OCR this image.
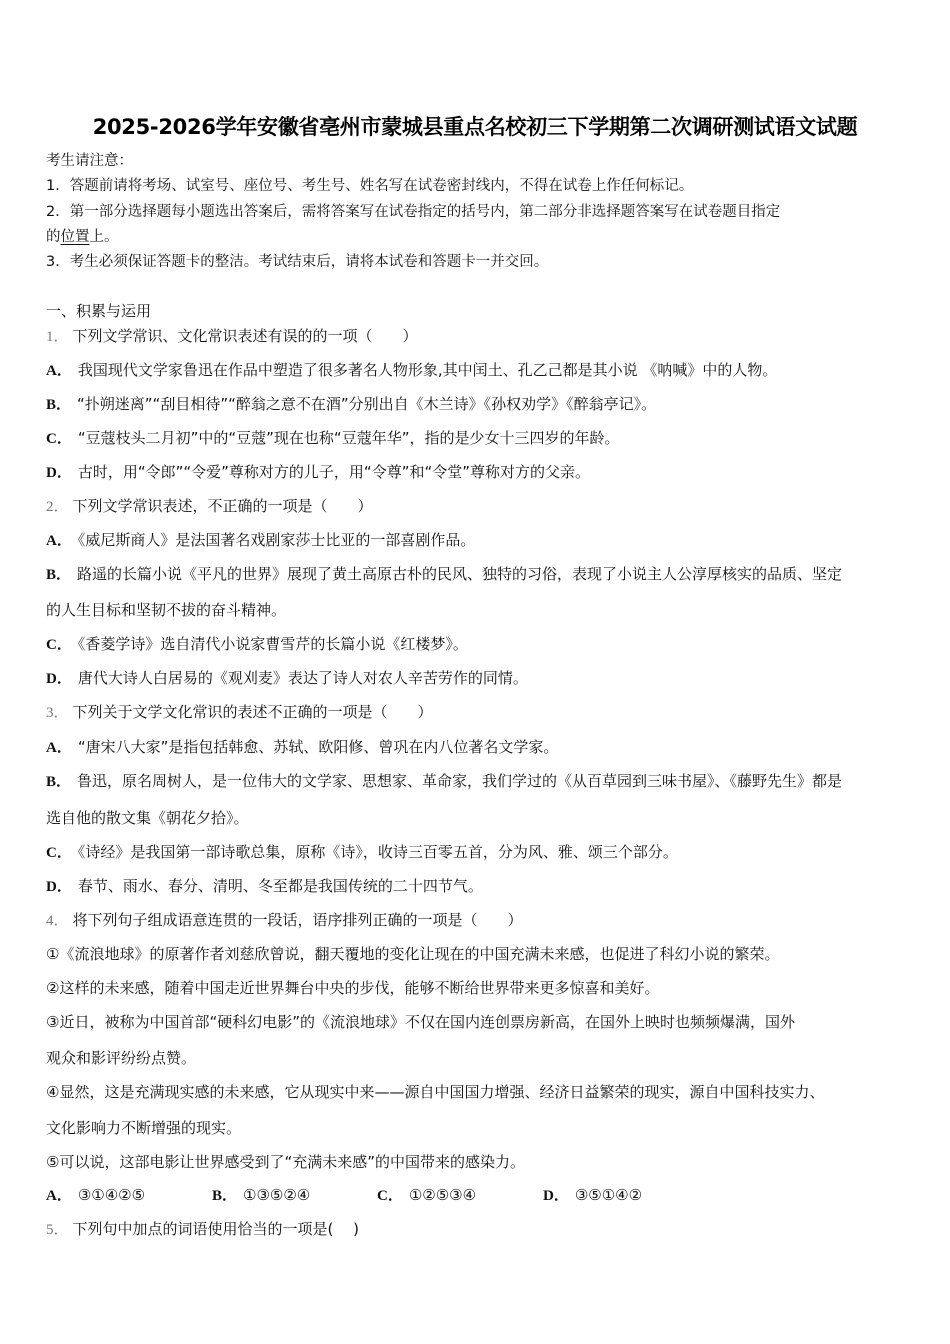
2025-2026学年安徽省亳州市蒙城县重点名校初三下学期第二次调研测试语文试题
考生请注意：
1．答题前请将考场、试室号、座位号、考生号、姓名写在试卷密封线内，不得在试卷上作任何标记。
2．第一部分选择题每小题选出答案后，需将答案写在试卷指定的括号内，第二部分非选择题答案写在试卷题目指定
的位置上。
3．考生必须保证答题卡的整洁。考试结束后，请将本试卷和答题卡一并交回。
一、积累与运用
1． 下列文学常识、文化常识表述有误的的一项（　　）
A． 我国现代文学家鲁迅在作品中塑造了很多著名人物形象,其中闰土、孔乙己都是其小说 《呐喊》中的人物。
B． “扑朔迷离”“刮目相待”“醉翁之意不在酒”分别出自《木兰诗》《孙权劝学》《醉翁亭记》。
C． “豆蔻枝头二月初”中的“豆蔻”现在也称“豆蔻年华”，指的是少女十三四岁的年龄。
D． 古时，用“令郎”“令爱”尊称对方的儿子，用“令尊”和“令堂”尊称对方的父亲。
2． 下列文学常识表述，不正确的一项是（　　）
A． 《威尼斯商人》是法国著名戏剧家莎士比亚的一部喜剧作品。
B． 路遥的长篇小说《平凡的世界》展现了黄土高原古朴的民风、独特的习俗，表现了小说主人公淳厚核实的品质、坚定
的人生目标和坚韧不拔的奋斗精神。
C． 《香菱学诗》选自清代小说家曹雪芹的长篇小说《红楼梦》。
D． 唐代大诗人白居易的《观刈麦》表达了诗人对农人辛苦劳作的同情。
3． 下列关于文学文化常识的表述不正确的一项是（　　）
A． “唐宋八大家”是指包括韩愈、苏轼、欧阳修、曾巩在内八位著名文学家。
B． 鲁迅，原名周树人，是一位伟大的文学家、思想家、革命家，我们学过的《从百草园到三味书屋》、《藤野先生》都是
选自他的散文集《朝花夕拾》。
C． 《诗经》是我国第一部诗歌总集，原称《诗》，收诗三百零五首，分为风、雅、颂三个部分。
D． 春节、雨水、春分、清明、冬至都是我国传统的二十四节气。
4． 将下列句子组成语意连贯的一段话，语序排列正确的一项是（　　）
①《流浪地球》的原著作者刘慈欣曾说，翻天覆地的变化让现在的中国充满未来感，也促进了科幻小说的繁荣。
②这样的未来感，随着中国走近世界舞台中央的步伐，能够不断给世界带来更多惊喜和美好。
③近日，被称为中国首部“硬科幻电影”的《流浪地球》不仅在国内连创票房新高，在国外上映时也频频爆满，国外
观众和影评纷纷点赞。
④显然，这是充满现实感的未来感，它从现实中来——源自中国国力增强、经济日益繁荣的现实，源自中国科技实力、
文化影响力不断增强的现实。
⑤可以说，这部电影让世界感受到了“充满未来感”的中国带来的感染力。
A． ③①④②⑤	B． ①③⑤②④	C． ①②⑤③④	D． ③⑤①④②
5． 下列句中加点的词语使用恰当的一项是(　 )
